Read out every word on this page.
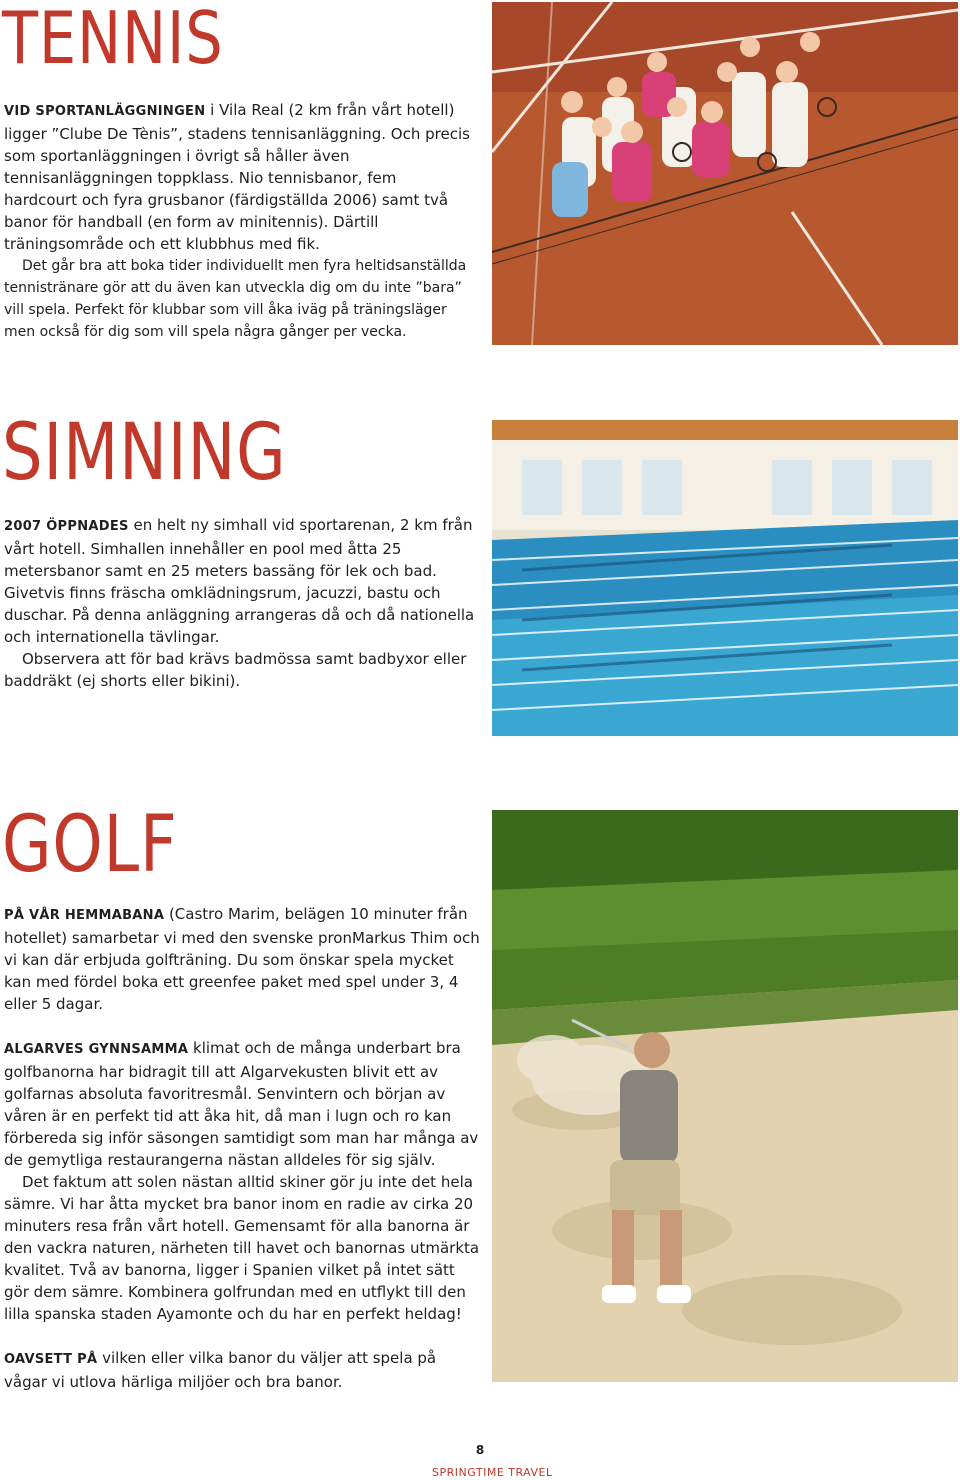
TENNIS

VID SPORTANLÄGGNINGEN i Vila Real (2 km från vårt hotell) ligger ”Clube De Tènis”, stadens tennisanläggning. Och precis som sportanläggningen i övrigt så håller även tennisanläggningen toppklass. Nio tennisbanor, fem hardcourt och fyra grusbanor (färdigställda 2006) samt två banor för handball (en form av minitennis). Därtill träningsområde och ett klubbhus med fik.

Det går bra att boka tider individuellt men fyra heltidsanställda tennistränare gör att du även kan utveckla dig om du inte ”bara” vill spela. Perfekt för klubbar som vill åka iväg på träningsläger men också för dig som vill spela några gånger per vecka.

SIMNING

2007 ÖPPNADES en helt ny simhall vid sportarenan, 2 km från vårt hotell. Simhallen innehåller en pool med åtta 25 metersbanor samt en 25 meters bassäng för lek och bad. Givetvis finns fräscha omklädningsrum, jacuzzi, bastu och duschar. På denna anläggning arrangeras då och då nationella och internationella tävlingar.

Observera att för bad krävs badmössa samt badbyxor eller baddräkt (ej shorts eller bikini).

GOLF

PÅ VÅR HEMMABANA (Castro Marim, belägen 10 minuter från hotellet) samarbetar vi med den svenske pronMarkus Thim och vi kan där erbjuda golfträning. Du som önskar spela mycket kan med fördel boka ett greenfee paket med spel under 3, 4 eller 5 dagar.

ALGARVES GYNNSAMMA klimat och de många underbart bra golfbanorna har bidragit till att Algarvekusten blivit ett av golfarnas absoluta favoritresmål. Senvintern och början av våren är en perfekt tid att åka hit, då man i lugn och ro kan förbereda sig inför säsongen samtidigt som man har många av de gemytliga restaurangerna nästan alldeles för sig själv.

Det faktum att solen nästan alltid skiner gör ju inte det hela sämre. Vi har åtta mycket bra banor inom en radie av cirka 20 minuters resa från vårt hotell. Gemensamt för alla banorna är den vackra naturen, närheten till havet och banornas utmärkta kvalitet. Två av banorna, ligger i Spanien vilket på intet sätt gör dem sämre. Kombinera golfrundan med en utflykt till den lilla spanska staden Ayamonte och du har en perfekt heldag!

OAVSETT PÅ vilken eller vilka banor du väljer att spela på vågar vi utlova härliga miljöer och bra banor.

8
SPRINGTIME TRAVEL
